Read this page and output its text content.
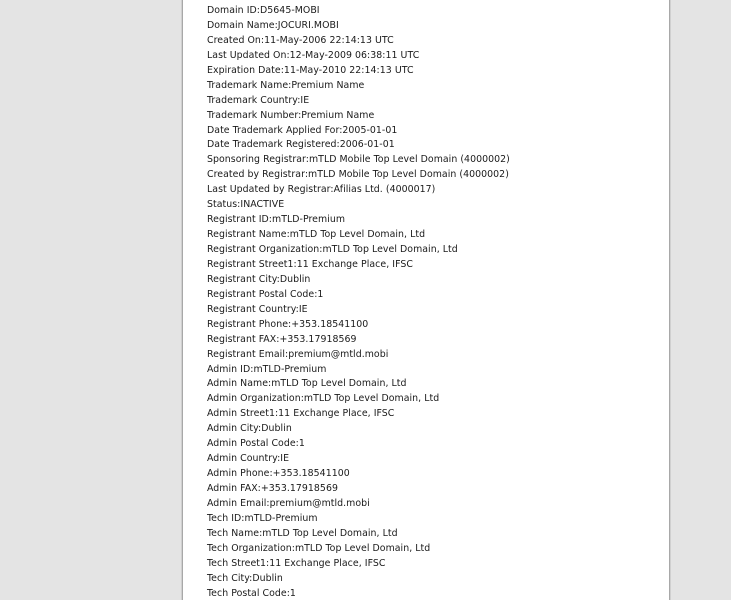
Domain ID:D5645-MOBI
Domain Name:JOCURI.MOBI
Created On:11-May-2006 22:14:13 UTC
Last Updated On:12-May-2009 06:38:11 UTC
Expiration Date:11-May-2010 22:14:13 UTC
Trademark Name:Premium Name
Trademark Country:IE
Trademark Number:Premium Name
Date Trademark Applied For:2005-01-01
Date Trademark Registered:2006-01-01
Sponsoring Registrar:mTLD Mobile Top Level Domain (4000002)
Created by Registrar:mTLD Mobile Top Level Domain (4000002)
Last Updated by Registrar:Afilias Ltd. (4000017)
Status:INACTIVE
Registrant ID:mTLD-Premium
Registrant Name:mTLD Top Level Domain, Ltd
Registrant Organization:mTLD Top Level Domain, Ltd
Registrant Street1:11 Exchange Place, IFSC
Registrant City:Dublin
Registrant Postal Code:1
Registrant Country:IE
Registrant Phone:+353.18541100
Registrant FAX:+353.17918569
Registrant Email:premium@mtld.mobi
Admin ID:mTLD-Premium
Admin Name:mTLD Top Level Domain, Ltd
Admin Organization:mTLD Top Level Domain, Ltd
Admin Street1:11 Exchange Place, IFSC
Admin City:Dublin
Admin Postal Code:1
Admin Country:IE
Admin Phone:+353.18541100
Admin FAX:+353.17918569
Admin Email:premium@mtld.mobi
Tech ID:mTLD-Premium
Tech Name:mTLD Top Level Domain, Ltd
Tech Organization:mTLD Top Level Domain, Ltd
Tech Street1:11 Exchange Place, IFSC
Tech City:Dublin
Tech Postal Code:1
